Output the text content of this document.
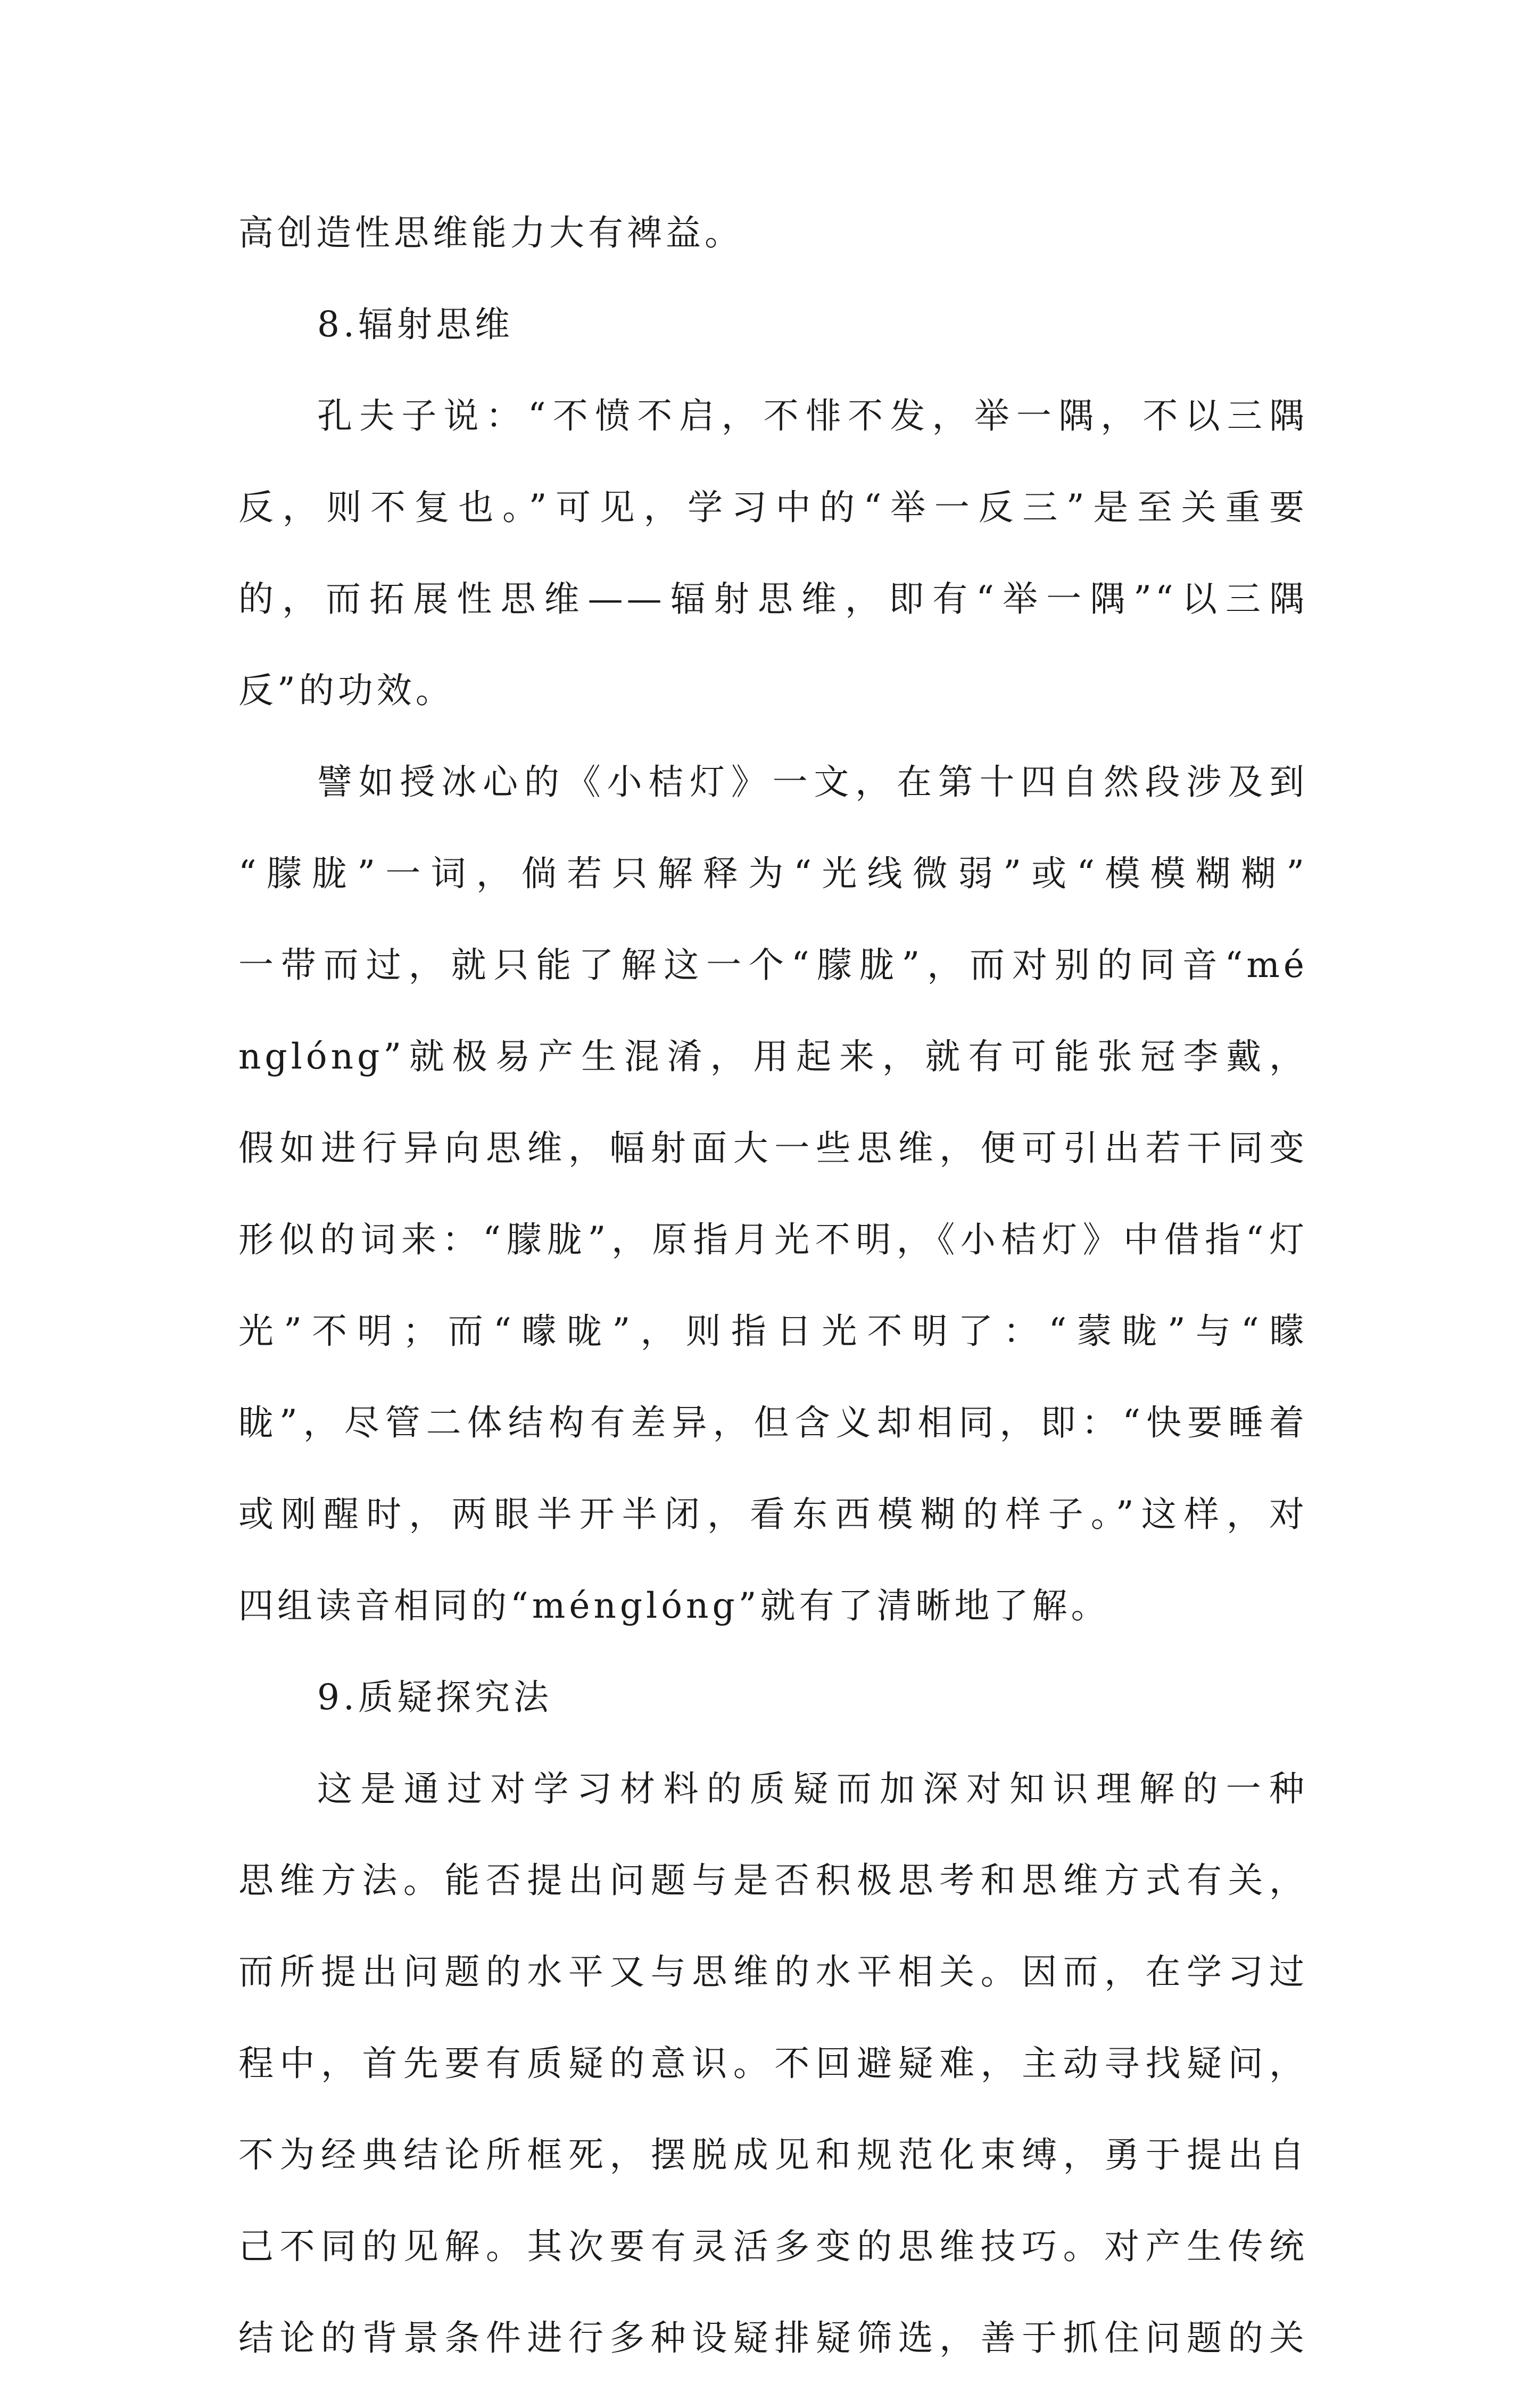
高创造性思维能力大有裨益。
8.辐射思维
孔夫子说：“不愤不启，不悱不发，举一隅，不以三隅
反，则不复也。”可见，学习中的“举一反三”是至关重要
的，而拓展性思维——辐射思维，即有“举一隅”“以三隅
反”的功效。
譬如授冰心的《小桔灯》一文，在第十四自然段涉及到
“朦胧”一词，倘若只解释为“光线微弱”或“模模糊糊”
一带而过，就只能了解这一个“朦胧”，而对别的同音“mé
nglóng”就极易产生混淆，用起来，就有可能张冠李戴，
假如进行异向思维，幅射面大一些思维，便可引出若干同变
形似的词来：“朦胧”，原指月光不明，《小桔灯》中借指“灯
光”不明；而“曚昽”，则指日光不明了：“蒙眬”与“矇
眬”，尽管二体结构有差异，但含义却相同，即：“快要睡着
或刚醒时，两眼半开半闭，看东西模糊的样子。”这样，对
四组读音相同的“ménglóng”就有了清晰地了解。
9.质疑探究法
这是通过对学习材料的质疑而加深对知识理解的一种
思维方法。能否提出问题与是否积极思考和思维方式有关，
而所提出问题的水平又与思维的水平相关。因而，在学习过
程中，首先要有质疑的意识。不回避疑难，主动寻找疑问，
不为经典结论所框死，摆脱成见和规范化束缚，勇于提出自
己不同的见解。其次要有灵活多变的思维技巧。对产生传统
结论的背景条件进行多种设疑排疑筛选，善于抓住问题的关
